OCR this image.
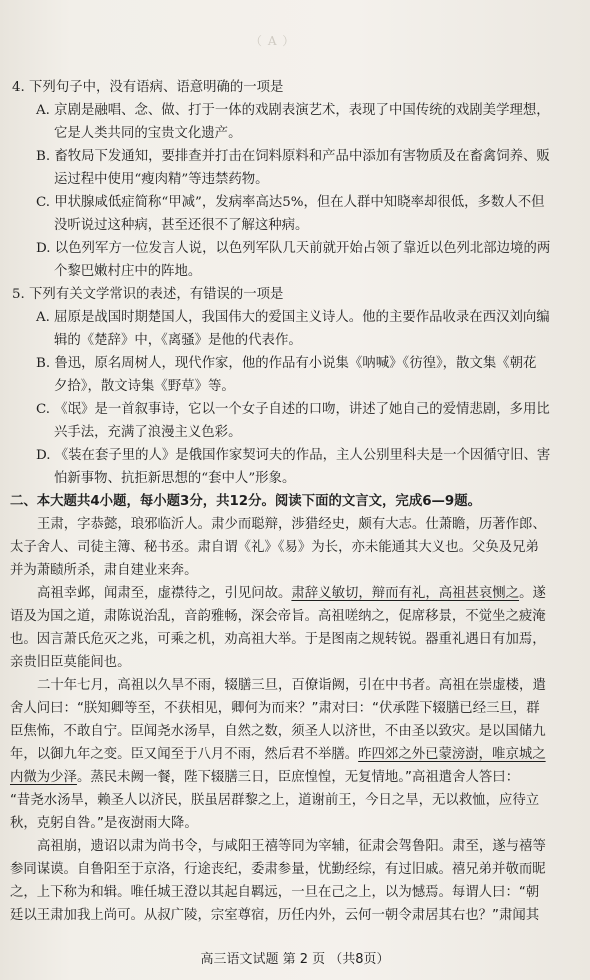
（ A ）
4. 下列句子中，没有语病、语意明确的一项是
A. 京剧是融唱、念、做、打于一体的戏剧表演艺术，表现了中国传统的戏剧美学理想，
它是人类共同的宝贵文化遗产。
B. 畜牧局下发通知，要排查并打击在饲料原料和产品中添加有害物质及在畜禽饲养、贩
运过程中使用“瘦肉精”等违禁药物。
C. 甲状腺咸低症简称“甲减”，发病率高达5%，但在人群中知晓率却很低，多数人不但
没听说过这种病，甚至还很不了解这种病。
D. 以色列军方一位发言人说，以色列军队几天前就开始占领了靠近以色列北部边境的两
个黎巴嫩村庄中的阵地。
5. 下列有关文学常识的表述，有错误的一项是
A. 屈原是战国时期楚国人，我国伟大的爱国主义诗人。他的主要作品收录在西汉刘向编
辑的《楚辞》中，《离骚》是他的代表作。
B. 鲁迅，原名周树人，现代作家，他的作品有小说集《呐喊》《彷徨》，散文集《朝花
夕拾》，散文诗集《野草》等。
C. 《氓》是一首叙事诗，它以一个女子自述的口吻，讲述了她自己的爱情悲剧，多用比
兴手法，充满了浪漫主义色彩。
D. 《装在套子里的人》是俄国作家契诃夫的作品，主人公别里科夫是一个因循守旧、害
怕新事物、抗拒新思想的“套中人”形象。
二、本大题共4小题，每小题3分，共12分。阅读下面的文言文，完成6—9题。
王肃，字恭懿，琅邪临沂人。肃少而聪辩，涉猎经史，颇有大志。仕萧瞻，历著作郎、
太子舍人、司徒主簿、秘书丞。肃自谓《礼》《易》为长，亦未能通其大义也。父奂及兄弟
并为萧赜所杀，肃自建业来奔。
高祖幸邺，闻肃至，虚襟待之，引见问故。肃辞义敏切，辩而有礼，高祖甚哀恻之。遂
语及为国之道，肃陈说治乱，音韵雅畅，深会帝旨。高祖嗟纳之，促席移景，不觉坐之疲淹
也。因言萧氏危灭之兆，可乘之机，劝高祖大举。于是图南之规转锐。器重礼遇日有加焉，
亲贵旧臣莫能间也。
二十年七月，高祖以久旱不雨，辍膳三旦，百僚诣阙，引在中书者。高祖在崇虚楼，遣
舍人问曰：“朕知卿等至，不获相见，卿何为而来？”肃对曰：“伏承陛下辍膳已经三旦，群
臣焦怖，不敢自宁。臣闻尧水汤旱，自然之数，须圣人以济世，不由圣以致灾。是以国储九
年，以御九年之变。臣又闻至于八月不雨，然后君不举膳。昨四郊之外已蒙滂澍，唯京城之
内微为少泽。蒸民未阙一餐，陛下辍膳三日，臣庶惶惶，无复情地。”高祖遣舍人答曰：
“昔尧水汤旱，赖圣人以济民，朕虽居群黎之上，道谢前王，今日之旱，无以救恤，应待立
秋，克躬自咎。”是夜澍雨大降。
高祖崩，遗诏以肃为尚书令，与咸阳王禧等同为宰辅，征肃会驾鲁阳。肃至，遂与禧等
参同谋谟。自鲁阳至于京洛，行途丧纪，委肃参量，忧勤经综，有过旧戚。禧兄弟并敬而昵
之，上下称为和辑。唯任城王澄以其起自羁远，一旦在己之上，以为憾焉。每谓人曰：“朝
廷以王肃加我上尚可。从叔广陵，宗室尊宿，历任内外，云何一朝令肃居其右也？”肃闻其
高三语文试题 第 2 页 （共8页）
